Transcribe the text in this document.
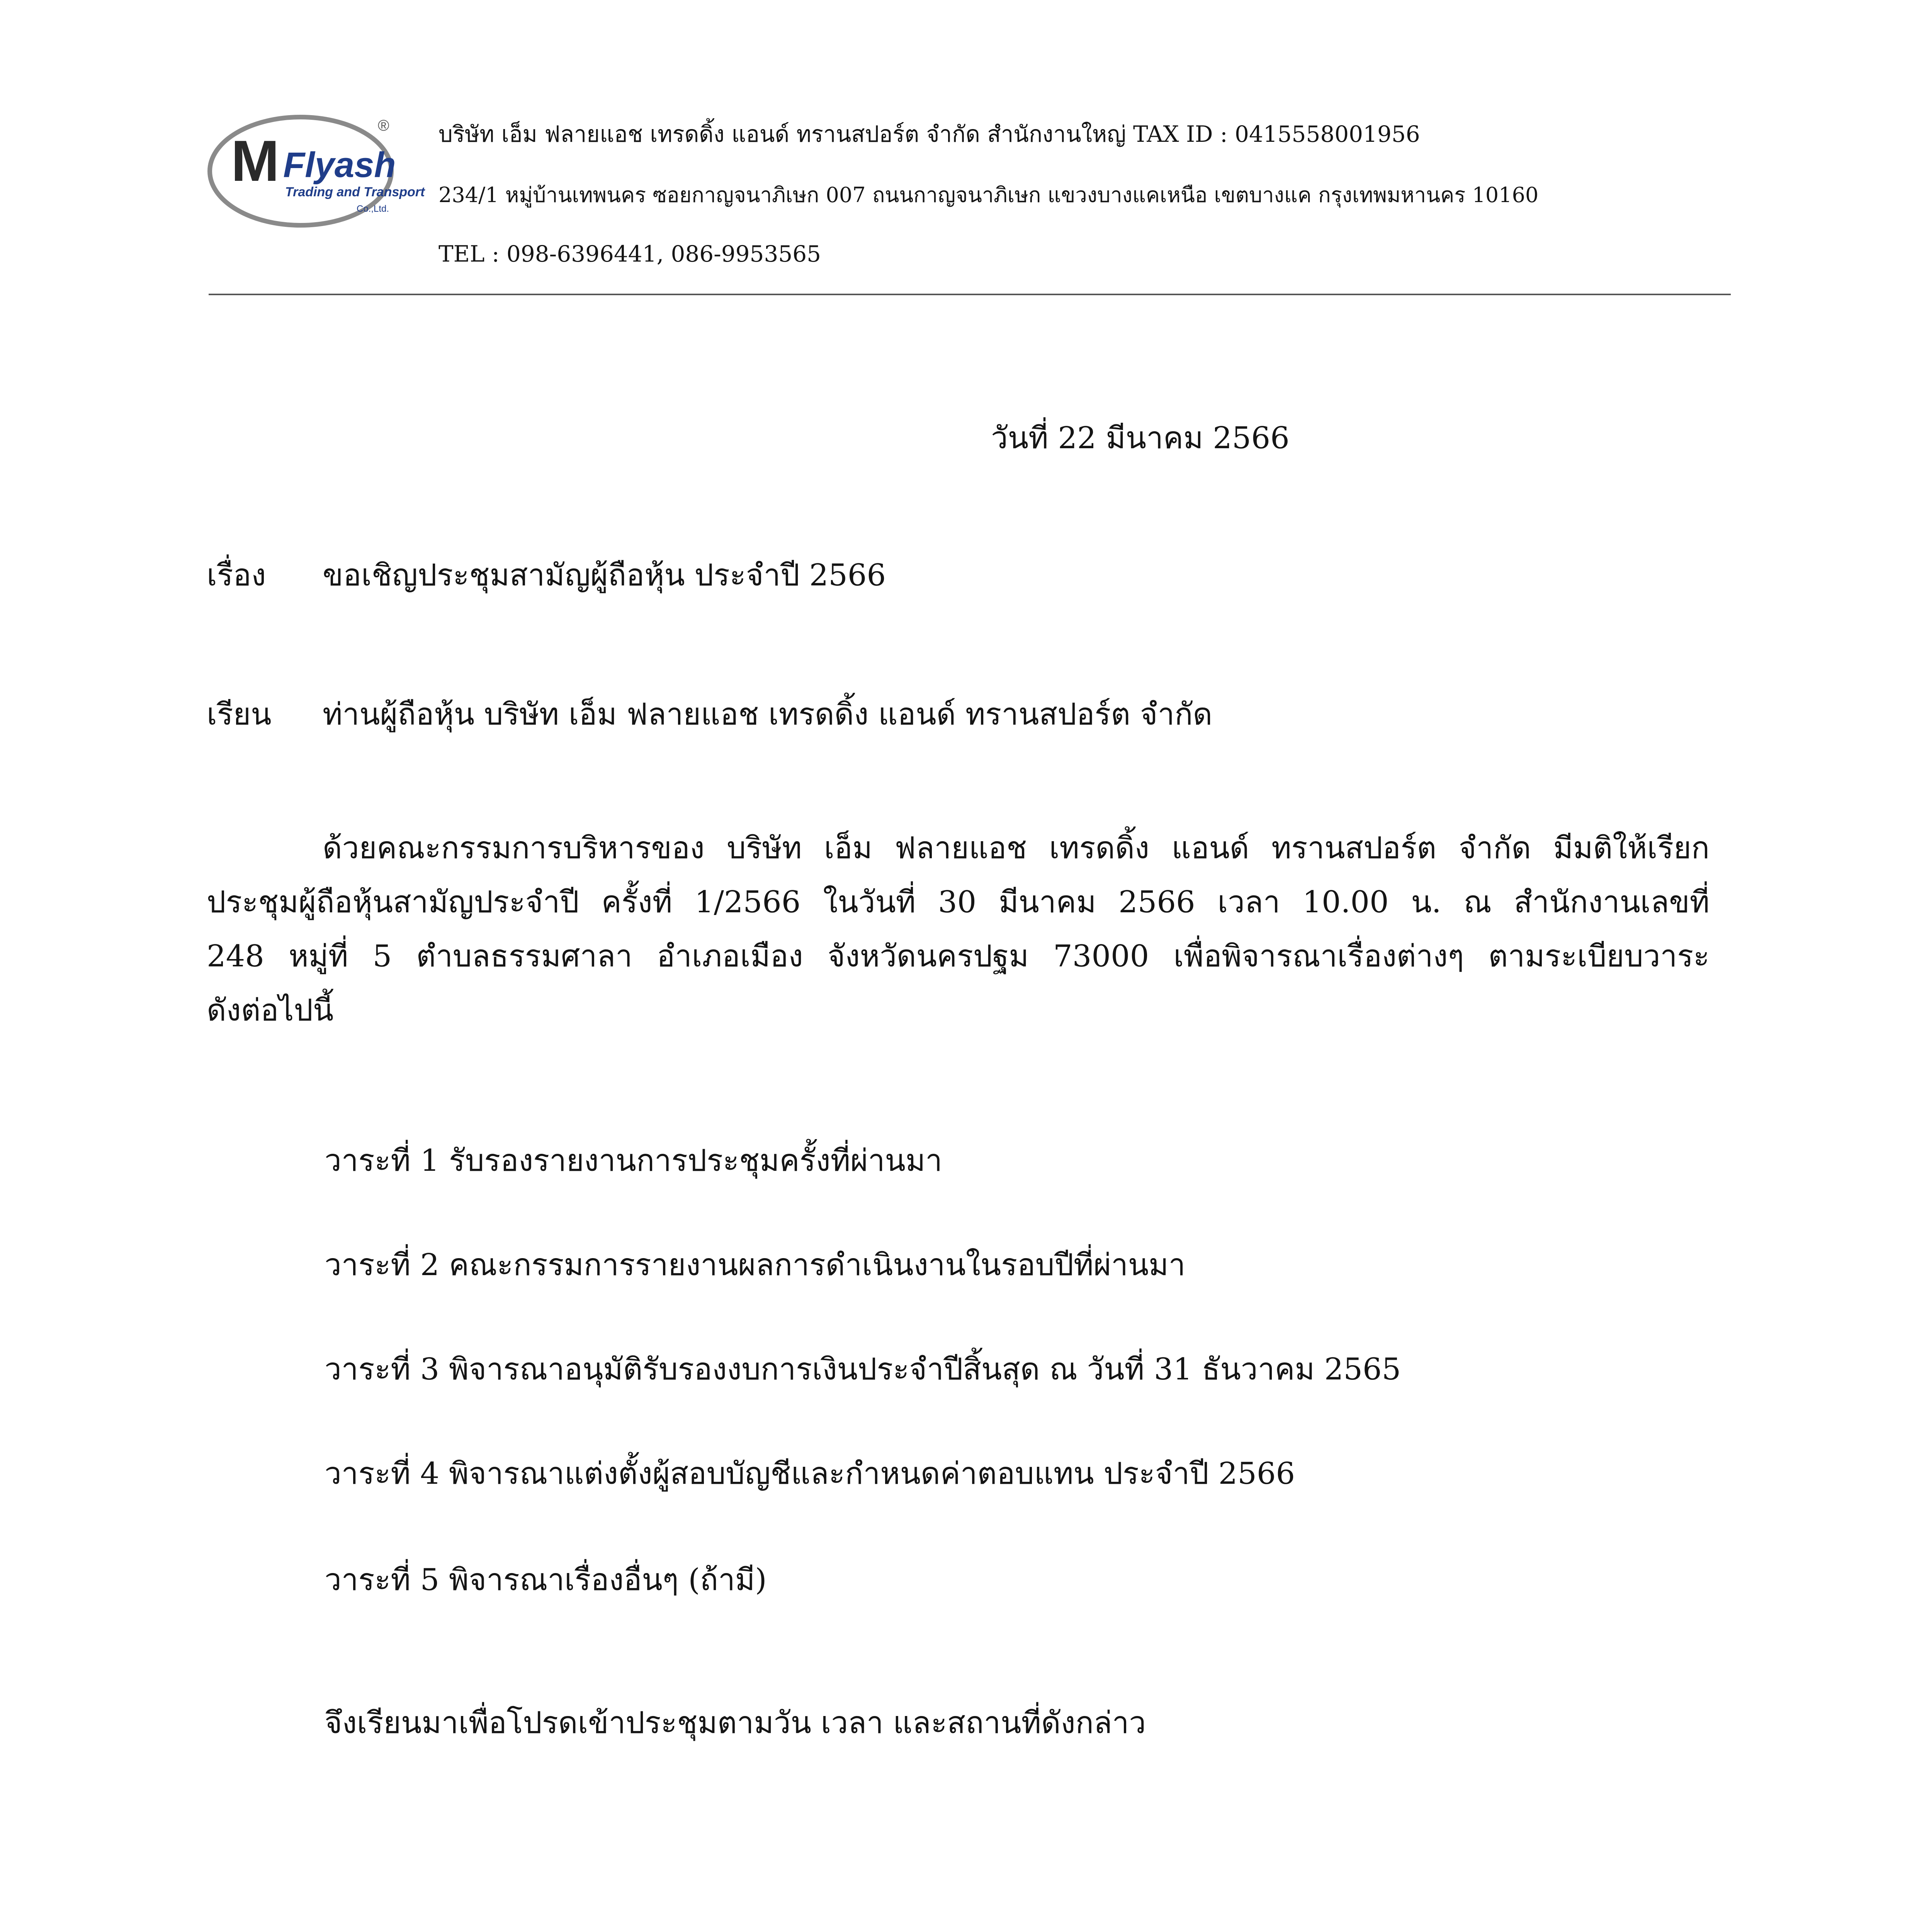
M Flyash
Trading and Transport
Co.,Ltd.
® บริษัท เอ็ม ฟลายแอช เทรดดิ้ง แอนด์ ทรานสปอร์ต จำกัด สำนักงานใหญ่ TAX ID : 0415558001956
234/1 หมู่บ้านเทพนคร ซอยกาญจนาภิเษก 007 ถนนกาญจนาภิเษก แขวงบางแคเหนือ เขตบางแค กรุงเทพมหานคร 10160
TEL : 098-6396441, 086-9953565
วันที่ 22 มีนาคม 2566
เรื่อง ขอเชิญประชุมสามัญผู้ถือหุ้น ประจำปี 2566
เรียน ท่านผู้ถือหุ้น บริษัท เอ็ม ฟลายแอช เทรดดิ้ง แอนด์ ทรานสปอร์ต จำกัด
ด้วยคณะกรรมการบริหารของ บริษัท เอ็ม ฟลายแอช เทรดดิ้ง แอนด์ ทรานสปอร์ต จำกัด มีมติให้เรียก
ประชุมผู้ถือหุ้นสามัญประจำปี ครั้งที่ 1/2566 ในวันที่ 30 มีนาคม 2566 เวลา 10.00 น. ณ สำนักงานเลขที่
248 หมู่ที่ 5 ตำบลธรรมศาลา อำเภอเมือง จังหวัดนครปฐม 73000 เพื่อพิจารณาเรื่องต่างๆ ตามระเบียบวาระ
ดังต่อไปนี้
วาระที่ 1 รับรองรายงานการประชุมครั้งที่ผ่านมา
วาระที่ 2 คณะกรรมการรายงานผลการดำเนินงานในรอบปีที่ผ่านมา
วาระที่ 3 พิจารณาอนุมัติรับรองงบการเงินประจำปีสิ้นสุด ณ วันที่ 31 ธันวาคม 2565
วาระที่ 4 พิจารณาแต่งตั้งผู้สอบบัญชีและกำหนดค่าตอบแทน ประจำปี 2566
วาระที่ 5 พิจารณาเรื่องอื่นๆ (ถ้ามี)
จึงเรียนมาเพื่อโปรดเข้าประชุมตามวัน เวลา และสถานที่ดังกล่าว
